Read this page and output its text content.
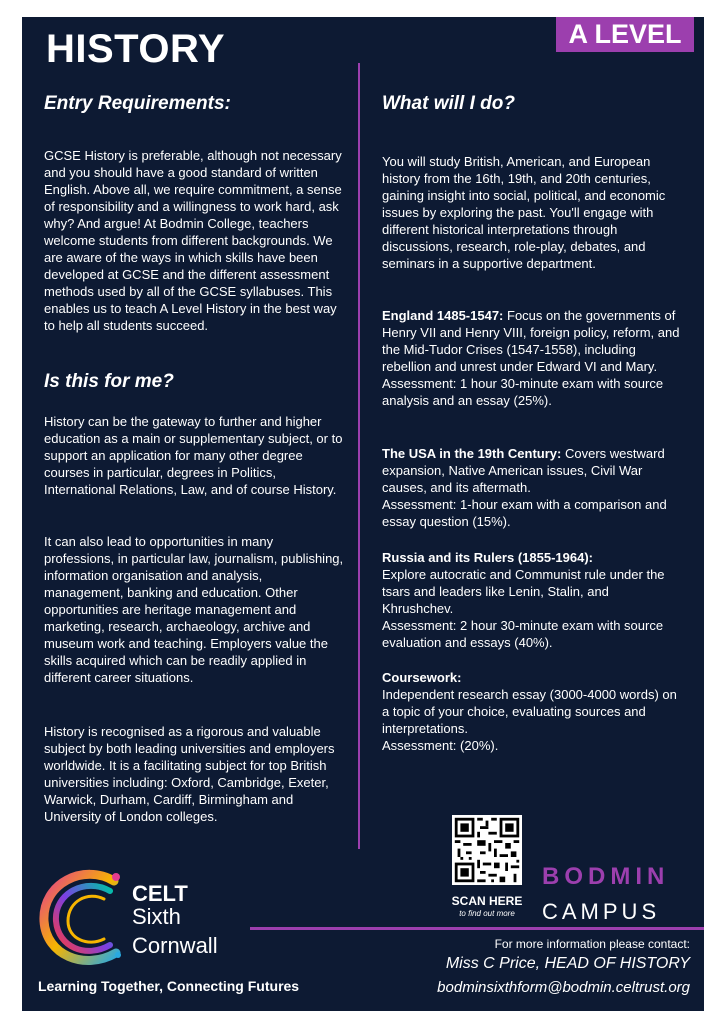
HISTORY	A LEVEL
Entry Requirements:

GCSE History is preferable, although not necessary and you should have a good standard of written English. Above all, we require commitment, a sense of responsibility and a willingness to work hard, ask why? And argue! At Bodmin College, teachers welcome students from different backgrounds. We are aware of the ways in which skills have been developed at GCSE and the different assessment methods used by all of the GCSE syllabuses. This enables us to teach A Level History in the best way to help all students succeed.

Is this for me?

History can be the gateway to further and higher education as a main or supplementary subject, or to support an application for many other degree courses in particular, degrees in Politics, International Relations, Law, and of course History.

It can also lead to opportunities in many professions, in particular law, journalism, publishing, information organisation and analysis, management, banking and education. Other opportunities are heritage management and marketing, research, archaeology, archive and museum work and teaching. Employers value the skills acquired which can be readily applied in different career situations.

History is recognised as a rigorous and valuable subject by both leading universities and employers worldwide. It is a facilitating subject for top British universities including: Oxford, Cambridge, Exeter, Warwick, Durham, Cardiff, Birmingham and University of London colleges.

What will I do?

You will study British, American, and European history from the 16th, 19th, and 20th centuries, gaining insight into social, political, and economic issues by exploring the past. You'll engage with different historical interpretations through discussions, research, role-play, debates, and seminars in a supportive department.

England 1485-1547: Focus on the governments of Henry VII and Henry VIII, foreign policy, reform, and the Mid-Tudor Crises (1547-1558), including rebellion and unrest under Edward VI and Mary.
Assessment: 1 hour 30-minute exam with source analysis and an essay (25%).
The USA in the 19th Century: Covers westward expansion, Native American issues, Civil War causes, and its aftermath.
Assessment: 1-hour exam with a comparison and essay question (15%).
Russia and its Rulers (1855-1964):
Explore autocratic and Communist rule under the tsars and leaders like Lenin, Stalin, and Khrushchev.
Assessment: 2 hour 30-minute exam with source evaluation and essays (40%).
Coursework:
Independent research essay (3000-4000 words) on a topic of your choice, evaluating sources and interpretations.
Assessment: (20%).
SCAN HERE
to find out more
BODMIN
CAMPUS
For more information please contact:
Miss C Price, HEAD OF HISTORY
bodminsixthform@bodmin.celtrust.org
CELT
Sixth
Cornwall
Learning Together, Connecting Futures
